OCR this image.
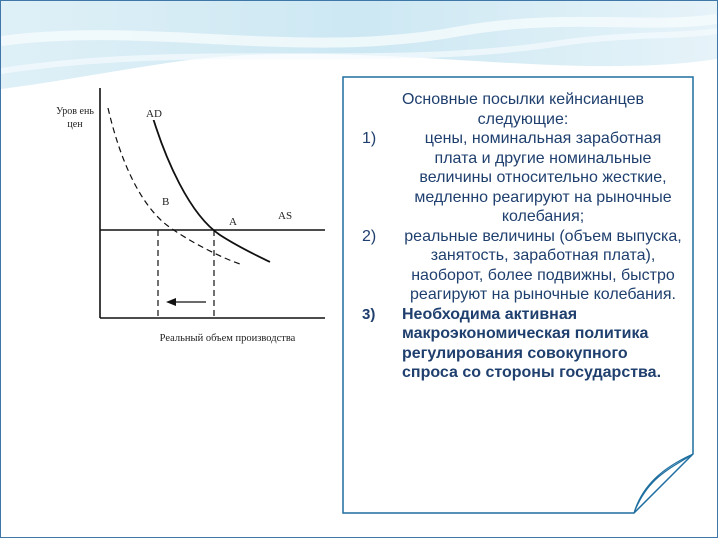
Уров ень цен
AD
AS
B
A
Реальный объем производства
Основные посылки кейнсианцев следующие:
1)	цены, номинальная заработная плата и другие номинальные величины относительно жесткие, медленно реагируют на рыночные колебания;
2)	реальные величины (объем выпуска, занятость, заработная плата), наоборот, более подвижны, быстро реагируют на рыночные колебания.
3)	Необходима активная макроэкономическая политика регулирования совокупного спроса со стороны государства.
